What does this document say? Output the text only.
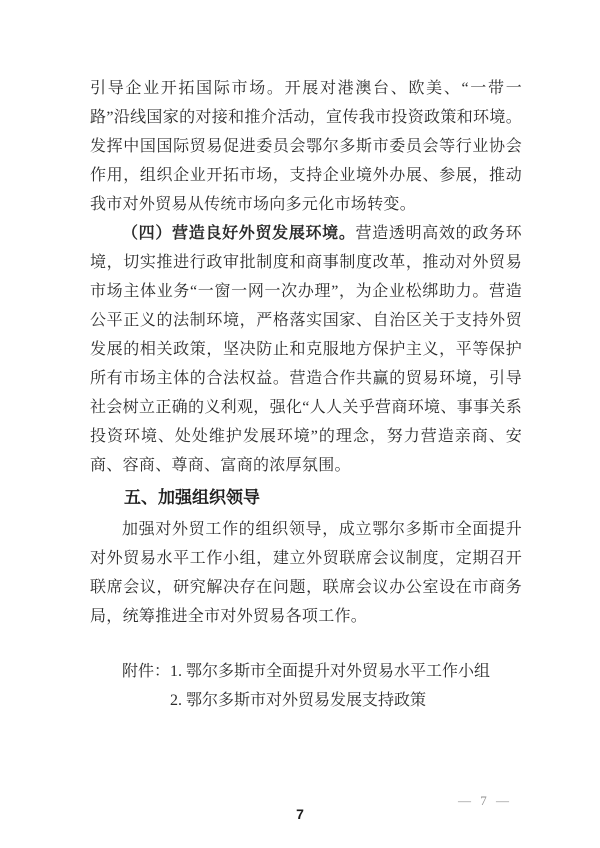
引导企业开拓国际市场。开展对港澳台、欧美、“一带一路”沿线国家的对接和推介活动，宣传我市投资政策和环境。发挥中国国际贸易促进委员会鄂尔多斯市委员会等行业协会作用，组织企业开拓市场，支持企业境外办展、参展，推动我市对外贸易从传统市场向多元化市场转变。

（四）营造良好外贸发展环境。营造透明高效的政务环境，切实推进行政审批制度和商事制度改革，推动对外贸易市场主体业务“一窗一网一次办理”，为企业松绑助力。营造公平正义的法制环境，严格落实国家、自治区关于支持外贸发展的相关政策，坚决防止和克服地方保护主义，平等保护所有市场主体的合法权益。营造合作共赢的贸易环境，引导社会树立正确的义利观，强化“人人关乎营商环境、事事关系投资环境、处处维护发展环境”的理念，努力营造亲商、安商、容商、尊商、富商的浓厚氛围。

五、加强组织领导

加强对外贸工作的组织领导，成立鄂尔多斯市全面提升对外贸易水平工作小组，建立外贸联席会议制度，定期召开联席会议，研究解决存在问题，联席会议办公室设在市商务局，统筹推进全市对外贸易各项工作。

附件： 1. 鄂尔多斯市全面提升对外贸易水平工作小组
2. 鄂尔多斯市对外贸易发展支持政策
— 7 —
7
